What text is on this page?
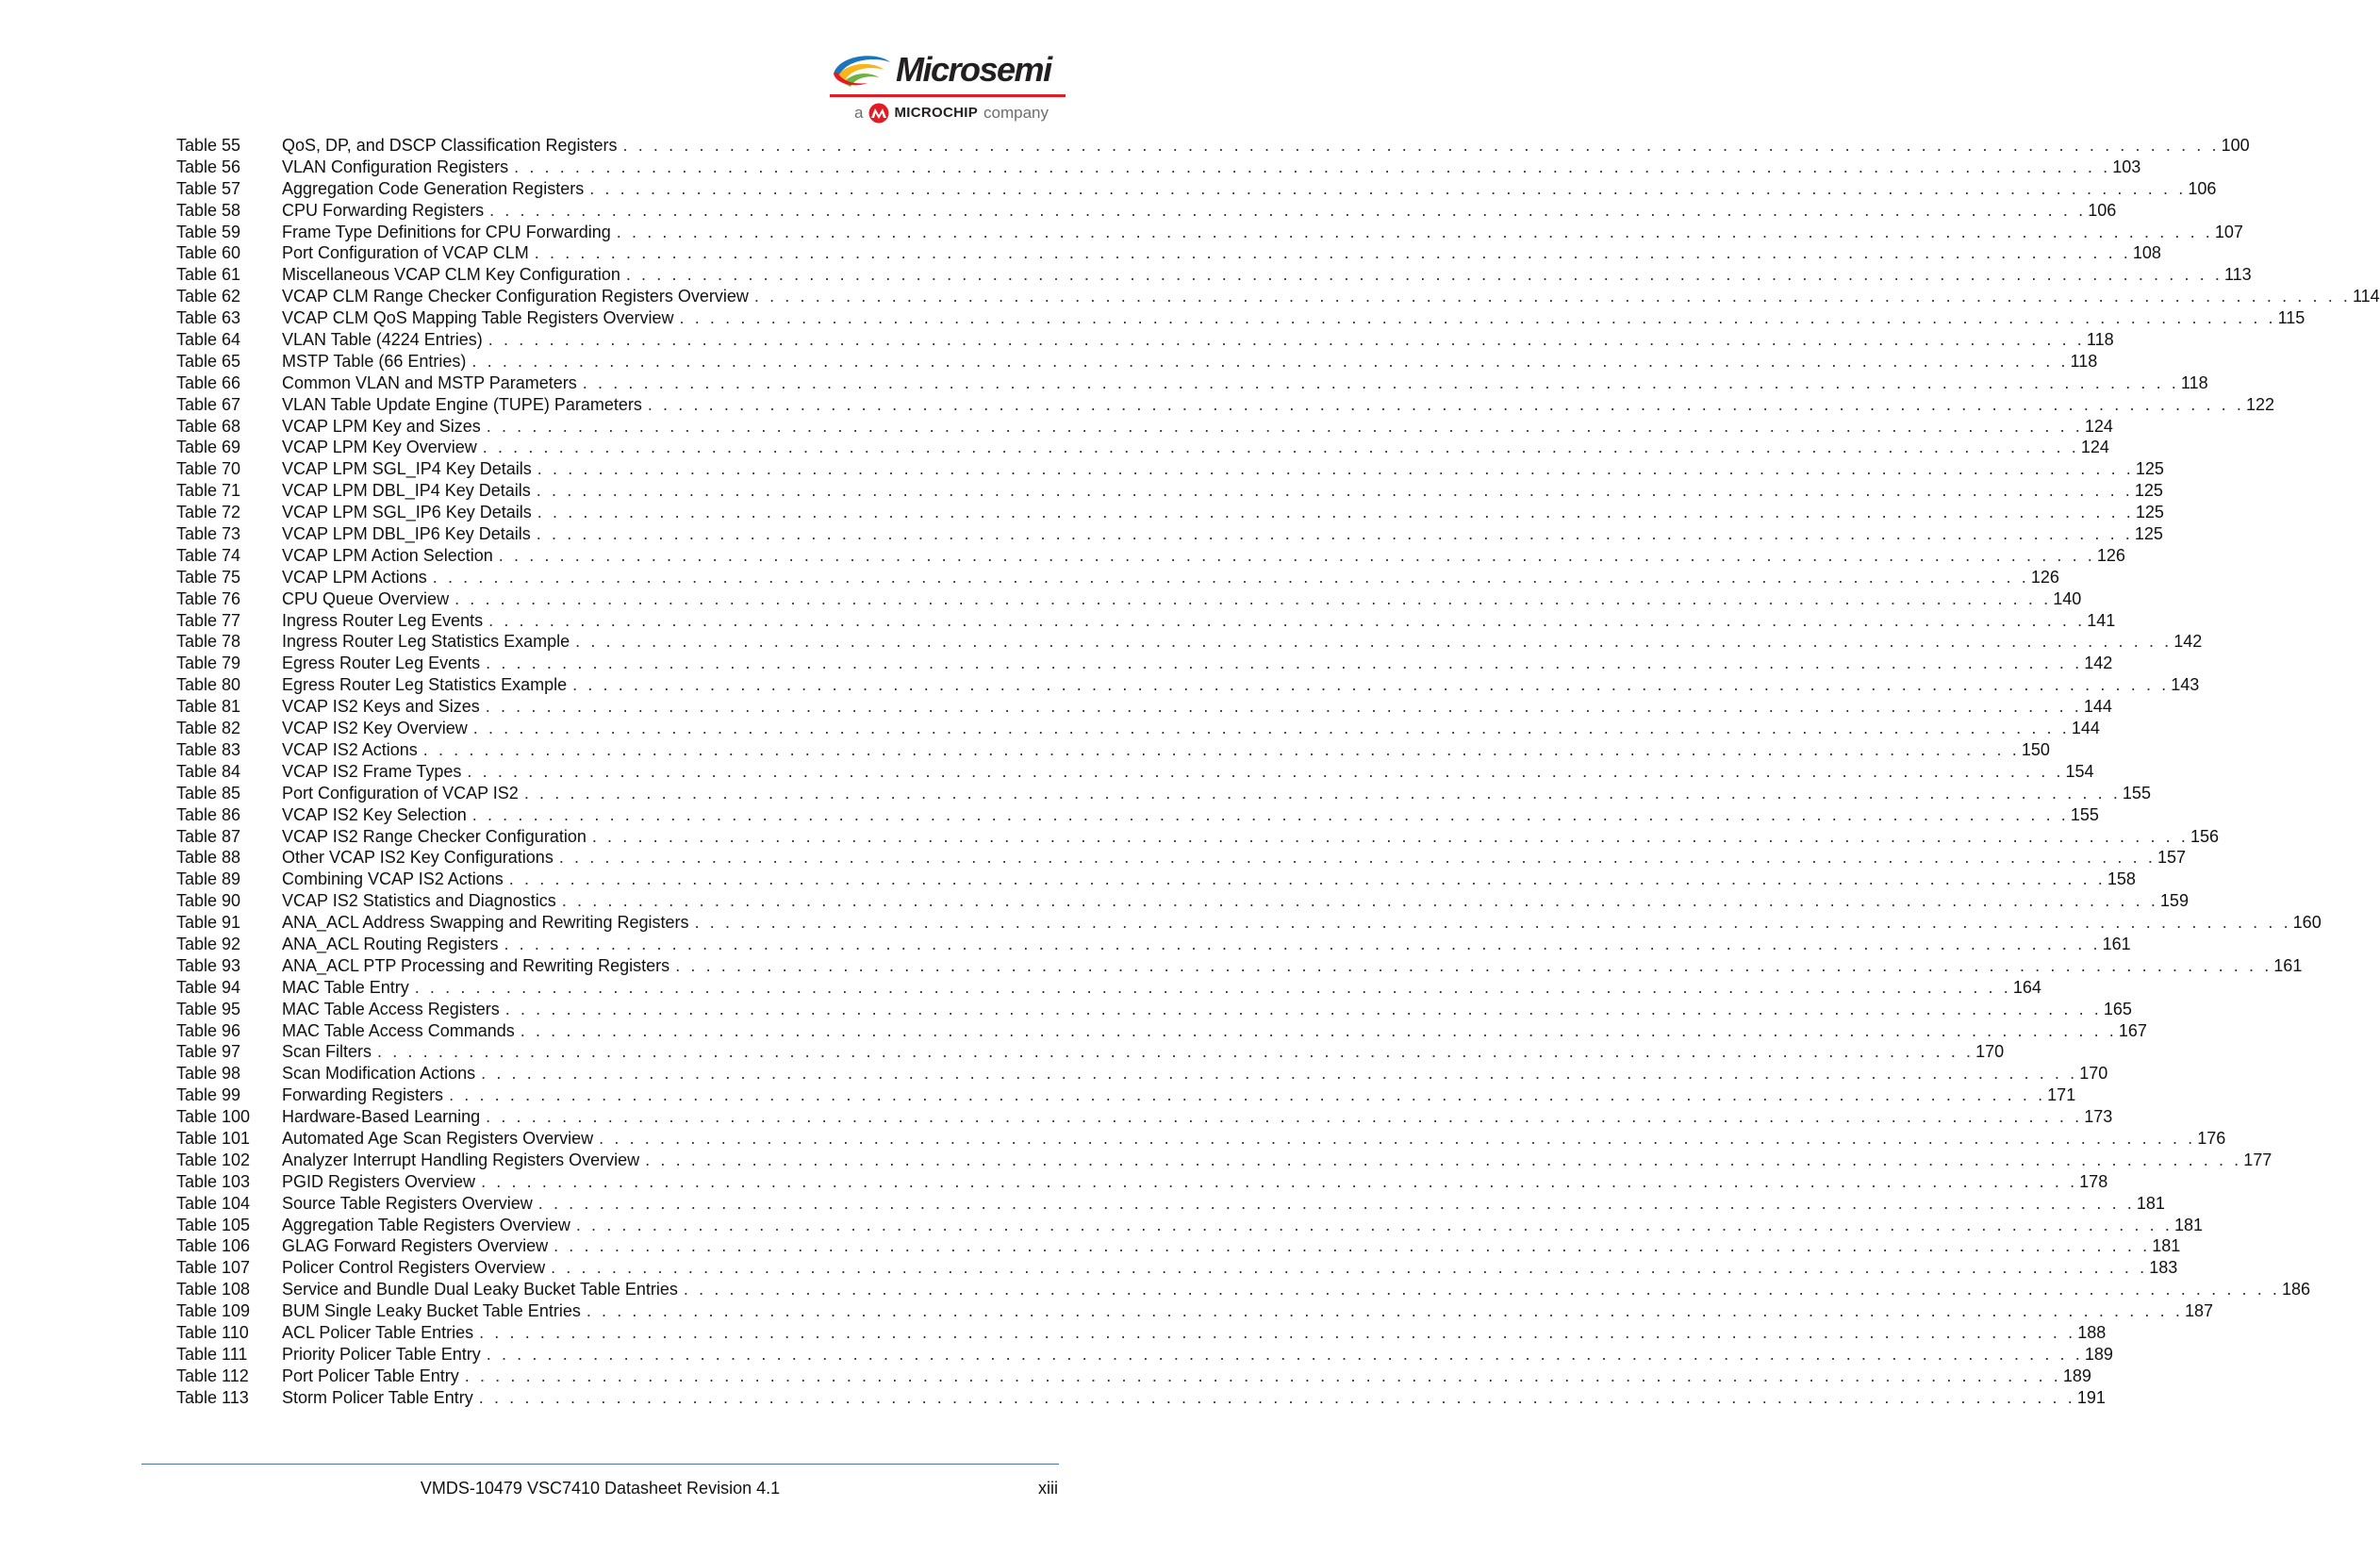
Microsemi
a MICROCHIP company
Table 55	QoS, DP, and DSCP Classification Registers . . . . . . . . . . . . . . . . . . . . . . . . . . . . . . . . . . . . . . . . . . . . . . . . . . . . . . . . . . . . . . . . . . . . . . . . . . . . . . . . . . . . . . . . . . . . . . . . . . . . . . . . . 100
Table 56	VLAN Configuration Registers . . . . . . . . . . . . . . . . . . . . . . . . . . . . . . . . . . . . . . . . . . . . . . . . . . . . . . . . . . . . . . . . . . . . . . . . . . . . . . . . . . . . . . . . . . . . . . . . . . . . . . . . . 103
Table 57	Aggregation Code Generation Registers . . . . . . . . . . . . . . . . . . . . . . . . . . . . . . . . . . . . . . . . . . . . . . . . . . . . . . . . . . . . . . . . . . . . . . . . . . . . . . . . . . . . . . . . . . . . . . . . . . . . . . . . . 106
Table 58	CPU Forwarding Registers . . . . . . . . . . . . . . . . . . . . . . . . . . . . . . . . . . . . . . . . . . . . . . . . . . . . . . . . . . . . . . . . . . . . . . . . . . . . . . . . . . . . . . . . . . . . . . . . . . . . . . . . . 106
Table 59	Frame Type Definitions for CPU Forwarding . . . . . . . . . . . . . . . . . . . . . . . . . . . . . . . . . . . . . . . . . . . . . . . . . . . . . . . . . . . . . . . . . . . . . . . . . . . . . . . . . . . . . . . . . . . . . . . . . . . . . . . . . 107
Table 60	Port Configuration of VCAP CLM . . . . . . . . . . . . . . . . . . . . . . . . . . . . . . . . . . . . . . . . . . . . . . . . . . . . . . . . . . . . . . . . . . . . . . . . . . . . . . . . . . . . . . . . . . . . . . . . . . . . . . . . . 108
Table 61	Miscellaneous VCAP CLM Key Configuration . . . . . . . . . . . . . . . . . . . . . . . . . . . . . . . . . . . . . . . . . . . . . . . . . . . . . . . . . . . . . . . . . . . . . . . . . . . . . . . . . . . . . . . . . . . . . . . . . . . . . . . . . 113
Table 62	VCAP CLM Range Checker Configuration Registers Overview . . . . . . . . . . . . . . . . . . . . . . . . . . . . . . . . . . . . . . . . . . . . . . . . . . . . . . . . . . . . . . . . . . . . . . . . . . . . . . . . . . . . . . . . . . . . . . . . . . . . . . . . . 114
Table 63	VCAP CLM QoS Mapping Table Registers Overview . . . . . . . . . . . . . . . . . . . . . . . . . . . . . . . . . . . . . . . . . . . . . . . . . . . . . . . . . . . . . . . . . . . . . . . . . . . . . . . . . . . . . . . . . . . . . . . . . . . . . . . . . 115
Table 64	VLAN Table (4224 Entries) . . . . . . . . . . . . . . . . . . . . . . . . . . . . . . . . . . . . . . . . . . . . . . . . . . . . . . . . . . . . . . . . . . . . . . . . . . . . . . . . . . . . . . . . . . . . . . . . . . . . . . . . . 118
Table 65	MSTP Table (66 Entries) . . . . . . . . . . . . . . . . . . . . . . . . . . . . . . . . . . . . . . . . . . . . . . . . . . . . . . . . . . . . . . . . . . . . . . . . . . . . . . . . . . . . . . . . . . . . . . . . . . . . . . . . . 118
Table 66	Common VLAN and MSTP Parameters . . . . . . . . . . . . . . . . . . . . . . . . . . . . . . . . . . . . . . . . . . . . . . . . . . . . . . . . . . . . . . . . . . . . . . . . . . . . . . . . . . . . . . . . . . . . . . . . . . . . . . . . . 118
Table 67	VLAN Table Update Engine (TUPE) Parameters . . . . . . . . . . . . . . . . . . . . . . . . . . . . . . . . . . . . . . . . . . . . . . . . . . . . . . . . . . . . . . . . . . . . . . . . . . . . . . . . . . . . . . . . . . . . . . . . . . . . . . . . . 122
Table 68	VCAP LPM Key and Sizes . . . . . . . . . . . . . . . . . . . . . . . . . . . . . . . . . . . . . . . . . . . . . . . . . . . . . . . . . . . . . . . . . . . . . . . . . . . . . . . . . . . . . . . . . . . . . . . . . . . . . . . . . 124
Table 69	VCAP LPM Key Overview . . . . . . . . . . . . . . . . . . . . . . . . . . . . . . . . . . . . . . . . . . . . . . . . . . . . . . . . . . . . . . . . . . . . . . . . . . . . . . . . . . . . . . . . . . . . . . . . . . . . . . . . . 124
Table 70	VCAP LPM SGL_IP4 Key Details . . . . . . . . . . . . . . . . . . . . . . . . . . . . . . . . . . . . . . . . . . . . . . . . . . . . . . . . . . . . . . . . . . . . . . . . . . . . . . . . . . . . . . . . . . . . . . . . . . . . . . . . . 125
Table 71	VCAP LPM DBL_IP4 Key Details . . . . . . . . . . . . . . . . . . . . . . . . . . . . . . . . . . . . . . . . . . . . . . . . . . . . . . . . . . . . . . . . . . . . . . . . . . . . . . . . . . . . . . . . . . . . . . . . . . . . . . . . . 125
Table 72	VCAP LPM SGL_IP6 Key Details . . . . . . . . . . . . . . . . . . . . . . . . . . . . . . . . . . . . . . . . . . . . . . . . . . . . . . . . . . . . . . . . . . . . . . . . . . . . . . . . . . . . . . . . . . . . . . . . . . . . . . . . . 125
Table 73	VCAP LPM DBL_IP6 Key Details . . . . . . . . . . . . . . . . . . . . . . . . . . . . . . . . . . . . . . . . . . . . . . . . . . . . . . . . . . . . . . . . . . . . . . . . . . . . . . . . . . . . . . . . . . . . . . . . . . . . . . . . . 125
Table 74	VCAP LPM Action Selection . . . . . . . . . . . . . . . . . . . . . . . . . . . . . . . . . . . . . . . . . . . . . . . . . . . . . . . . . . . . . . . . . . . . . . . . . . . . . . . . . . . . . . . . . . . . . . . . . . . . . . . . . 126
Table 75	VCAP LPM Actions . . . . . . . . . . . . . . . . . . . . . . . . . . . . . . . . . . . . . . . . . . . . . . . . . . . . . . . . . . . . . . . . . . . . . . . . . . . . . . . . . . . . . . . . . . . . . . . . . . . . . . . . . 126
Table 76	CPU Queue Overview . . . . . . . . . . . . . . . . . . . . . . . . . . . . . . . . . . . . . . . . . . . . . . . . . . . . . . . . . . . . . . . . . . . . . . . . . . . . . . . . . . . . . . . . . . . . . . . . . . . . . . . . . 140
Table 77	Ingress Router Leg Events . . . . . . . . . . . . . . . . . . . . . . . . . . . . . . . . . . . . . . . . . . . . . . . . . . . . . . . . . . . . . . . . . . . . . . . . . . . . . . . . . . . . . . . . . . . . . . . . . . . . . . . . . 141
Table 78	Ingress Router Leg Statistics Example . . . . . . . . . . . . . . . . . . . . . . . . . . . . . . . . . . . . . . . . . . . . . . . . . . . . . . . . . . . . . . . . . . . . . . . . . . . . . . . . . . . . . . . . . . . . . . . . . . . . . . . . . 142
Table 79	Egress Router Leg Events . . . . . . . . . . . . . . . . . . . . . . . . . . . . . . . . . . . . . . . . . . . . . . . . . . . . . . . . . . . . . . . . . . . . . . . . . . . . . . . . . . . . . . . . . . . . . . . . . . . . . . . . . 142
Table 80	Egress Router Leg Statistics Example . . . . . . . . . . . . . . . . . . . . . . . . . . . . . . . . . . . . . . . . . . . . . . . . . . . . . . . . . . . . . . . . . . . . . . . . . . . . . . . . . . . . . . . . . . . . . . . . . . . . . . . . . 143
Table 81	VCAP IS2 Keys and Sizes . . . . . . . . . . . . . . . . . . . . . . . . . . . . . . . . . . . . . . . . . . . . . . . . . . . . . . . . . . . . . . . . . . . . . . . . . . . . . . . . . . . . . . . . . . . . . . . . . . . . . . . . . 144
Table 82	VCAP IS2 Key Overview . . . . . . . . . . . . . . . . . . . . . . . . . . . . . . . . . . . . . . . . . . . . . . . . . . . . . . . . . . . . . . . . . . . . . . . . . . . . . . . . . . . . . . . . . . . . . . . . . . . . . . . . . 144
Table 83	VCAP IS2 Actions . . . . . . . . . . . . . . . . . . . . . . . . . . . . . . . . . . . . . . . . . . . . . . . . . . . . . . . . . . . . . . . . . . . . . . . . . . . . . . . . . . . . . . . . . . . . . . . . . . . . . . . . . 150
Table 84	VCAP IS2 Frame Types . . . . . . . . . . . . . . . . . . . . . . . . . . . . . . . . . . . . . . . . . . . . . . . . . . . . . . . . . . . . . . . . . . . . . . . . . . . . . . . . . . . . . . . . . . . . . . . . . . . . . . . . . 154
Table 85	Port Configuration of VCAP IS2 . . . . . . . . . . . . . . . . . . . . . . . . . . . . . . . . . . . . . . . . . . . . . . . . . . . . . . . . . . . . . . . . . . . . . . . . . . . . . . . . . . . . . . . . . . . . . . . . . . . . . . . . . 155
Table 86	VCAP IS2 Key Selection . . . . . . . . . . . . . . . . . . . . . . . . . . . . . . . . . . . . . . . . . . . . . . . . . . . . . . . . . . . . . . . . . . . . . . . . . . . . . . . . . . . . . . . . . . . . . . . . . . . . . . . . . 155
Table 87	VCAP IS2 Range Checker Configuration . . . . . . . . . . . . . . . . . . . . . . . . . . . . . . . . . . . . . . . . . . . . . . . . . . . . . . . . . . . . . . . . . . . . . . . . . . . . . . . . . . . . . . . . . . . . . . . . . . . . . . . . . 156
Table 88	Other VCAP IS2 Key Configurations . . . . . . . . . . . . . . . . . . . . . . . . . . . . . . . . . . . . . . . . . . . . . . . . . . . . . . . . . . . . . . . . . . . . . . . . . . . . . . . . . . . . . . . . . . . . . . . . . . . . . . . . . 157
Table 89	Combining VCAP IS2 Actions . . . . . . . . . . . . . . . . . . . . . . . . . . . . . . . . . . . . . . . . . . . . . . . . . . . . . . . . . . . . . . . . . . . . . . . . . . . . . . . . . . . . . . . . . . . . . . . . . . . . . . . . . 158
Table 90	VCAP IS2 Statistics and Diagnostics . . . . . . . . . . . . . . . . . . . . . . . . . . . . . . . . . . . . . . . . . . . . . . . . . . . . . . . . . . . . . . . . . . . . . . . . . . . . . . . . . . . . . . . . . . . . . . . . . . . . . . . . . 159
Table 91	ANA_ACL Address Swapping and Rewriting Registers . . . . . . . . . . . . . . . . . . . . . . . . . . . . . . . . . . . . . . . . . . . . . . . . . . . . . . . . . . . . . . . . . . . . . . . . . . . . . . . . . . . . . . . . . . . . . . . . . . . . . . . . . 160
Table 92	ANA_ACL Routing Registers . . . . . . . . . . . . . . . . . . . . . . . . . . . . . . . . . . . . . . . . . . . . . . . . . . . . . . . . . . . . . . . . . . . . . . . . . . . . . . . . . . . . . . . . . . . . . . . . . . . . . . . . . 161
Table 93	ANA_ACL PTP Processing and Rewriting Registers . . . . . . . . . . . . . . . . . . . . . . . . . . . . . . . . . . . . . . . . . . . . . . . . . . . . . . . . . . . . . . . . . . . . . . . . . . . . . . . . . . . . . . . . . . . . . . . . . . . . . . . . . 161
Table 94	MAC Table Entry . . . . . . . . . . . . . . . . . . . . . . . . . . . . . . . . . . . . . . . . . . . . . . . . . . . . . . . . . . . . . . . . . . . . . . . . . . . . . . . . . . . . . . . . . . . . . . . . . . . . . . . . . 164
Table 95	MAC Table Access Registers . . . . . . . . . . . . . . . . . . . . . . . . . . . . . . . . . . . . . . . . . . . . . . . . . . . . . . . . . . . . . . . . . . . . . . . . . . . . . . . . . . . . . . . . . . . . . . . . . . . . . . . . . 165
Table 96	MAC Table Access Commands . . . . . . . . . . . . . . . . . . . . . . . . . . . . . . . . . . . . . . . . . . . . . . . . . . . . . . . . . . . . . . . . . . . . . . . . . . . . . . . . . . . . . . . . . . . . . . . . . . . . . . . . . 167
Table 97	Scan Filters . . . . . . . . . . . . . . . . . . . . . . . . . . . . . . . . . . . . . . . . . . . . . . . . . . . . . . . . . . . . . . . . . . . . . . . . . . . . . . . . . . . . . . . . . . . . . . . . . . . . . . . . . 170
Table 98	Scan Modification Actions . . . . . . . . . . . . . . . . . . . . . . . . . . . . . . . . . . . . . . . . . . . . . . . . . . . . . . . . . . . . . . . . . . . . . . . . . . . . . . . . . . . . . . . . . . . . . . . . . . . . . . . . . 170
Table 99	Forwarding Registers . . . . . . . . . . . . . . . . . . . . . . . . . . . . . . . . . . . . . . . . . . . . . . . . . . . . . . . . . . . . . . . . . . . . . . . . . . . . . . . . . . . . . . . . . . . . . . . . . . . . . . . . . 171
Table 100	Hardware-Based Learning . . . . . . . . . . . . . . . . . . . . . . . . . . . . . . . . . . . . . . . . . . . . . . . . . . . . . . . . . . . . . . . . . . . . . . . . . . . . . . . . . . . . . . . . . . . . . . . . . . . . . . . . . 173
Table 101	Automated Age Scan Registers Overview . . . . . . . . . . . . . . . . . . . . . . . . . . . . . . . . . . . . . . . . . . . . . . . . . . . . . . . . . . . . . . . . . . . . . . . . . . . . . . . . . . . . . . . . . . . . . . . . . . . . . . . . . 176
Table 102	Analyzer Interrupt Handling Registers Overview . . . . . . . . . . . . . . . . . . . . . . . . . . . . . . . . . . . . . . . . . . . . . . . . . . . . . . . . . . . . . . . . . . . . . . . . . . . . . . . . . . . . . . . . . . . . . . . . . . . . . . . . . 177
Table 103	PGID Registers Overview . . . . . . . . . . . . . . . . . . . . . . . . . . . . . . . . . . . . . . . . . . . . . . . . . . . . . . . . . . . . . . . . . . . . . . . . . . . . . . . . . . . . . . . . . . . . . . . . . . . . . . . . . 178
Table 104	Source Table Registers Overview . . . . . . . . . . . . . . . . . . . . . . . . . . . . . . . . . . . . . . . . . . . . . . . . . . . . . . . . . . . . . . . . . . . . . . . . . . . . . . . . . . . . . . . . . . . . . . . . . . . . . . . . . 181
Table 105	Aggregation Table Registers Overview . . . . . . . . . . . . . . . . . . . . . . . . . . . . . . . . . . . . . . . . . . . . . . . . . . . . . . . . . . . . . . . . . . . . . . . . . . . . . . . . . . . . . . . . . . . . . . . . . . . . . . . . . 181
Table 106	GLAG Forward Registers Overview . . . . . . . . . . . . . . . . . . . . . . . . . . . . . . . . . . . . . . . . . . . . . . . . . . . . . . . . . . . . . . . . . . . . . . . . . . . . . . . . . . . . . . . . . . . . . . . . . . . . . . . . . 181
Table 107	Policer Control Registers Overview . . . . . . . . . . . . . . . . . . . . . . . . . . . . . . . . . . . . . . . . . . . . . . . . . . . . . . . . . . . . . . . . . . . . . . . . . . . . . . . . . . . . . . . . . . . . . . . . . . . . . . . . . 183
Table 108	Service and Bundle Dual Leaky Bucket Table Entries . . . . . . . . . . . . . . . . . . . . . . . . . . . . . . . . . . . . . . . . . . . . . . . . . . . . . . . . . . . . . . . . . . . . . . . . . . . . . . . . . . . . . . . . . . . . . . . . . . . . . . . . . 186
Table 109	BUM Single Leaky Bucket Table Entries . . . . . . . . . . . . . . . . . . . . . . . . . . . . . . . . . . . . . . . . . . . . . . . . . . . . . . . . . . . . . . . . . . . . . . . . . . . . . . . . . . . . . . . . . . . . . . . . . . . . . . . . . 187
Table 110	ACL Policer Table Entries . . . . . . . . . . . . . . . . . . . . . . . . . . . . . . . . . . . . . . . . . . . . . . . . . . . . . . . . . . . . . . . . . . . . . . . . . . . . . . . . . . . . . . . . . . . . . . . . . . . . . . . . . 188
Table 111	Priority Policer Table Entry . . . . . . . . . . . . . . . . . . . . . . . . . . . . . . . . . . . . . . . . . . . . . . . . . . . . . . . . . . . . . . . . . . . . . . . . . . . . . . . . . . . . . . . . . . . . . . . . . . . . . . . . . 189
Table 112	Port Policer Table Entry . . . . . . . . . . . . . . . . . . . . . . . . . . . . . . . . . . . . . . . . . . . . . . . . . . . . . . . . . . . . . . . . . . . . . . . . . . . . . . . . . . . . . . . . . . . . . . . . . . . . . . . . . 189
Table 113	Storm Policer Table Entry . . . . . . . . . . . . . . . . . . . . . . . . . . . . . . . . . . . . . . . . . . . . . . . . . . . . . . . . . . . . . . . . . . . . . . . . . . . . . . . . . . . . . . . . . . . . . . . . . . . . . . . . . 191
VMDS-10479 VSC7410 Datasheet Revision 4.1	xiii
